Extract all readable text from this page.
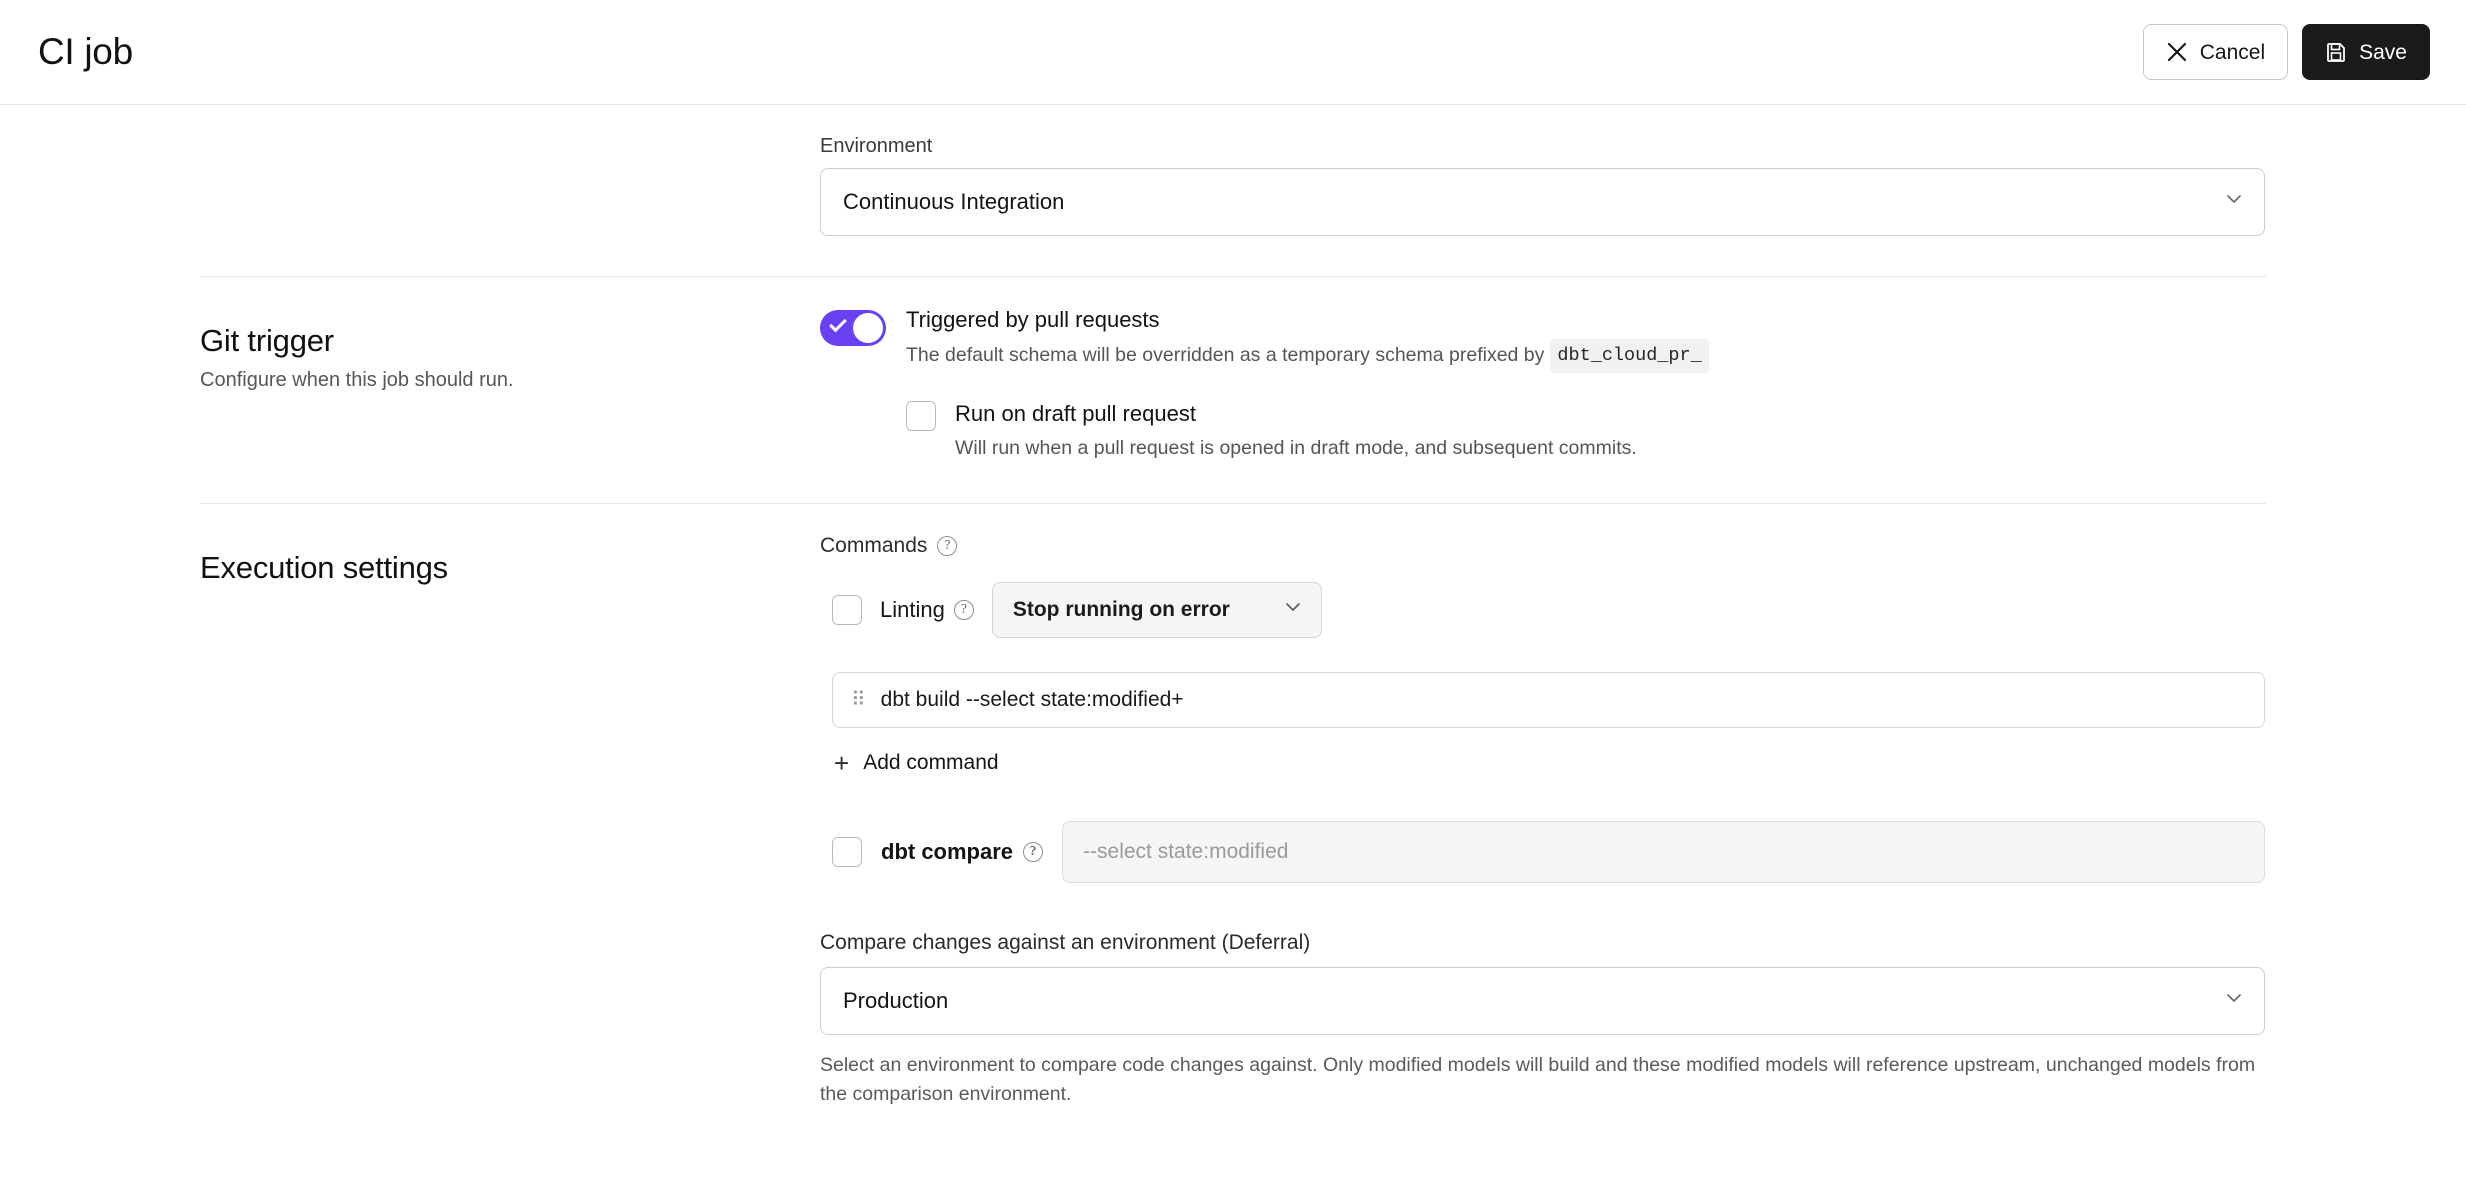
CI job	Cancel	Save
Environment
Continuous Integration
Git trigger

Configure when this job should run.

Triggered by pull requests

The default schema will be overridden as a temporary schema prefixed by dbt_cloud_pr_

Run on draft pull request

Will run when a pull request is opened in draft mode, and subsequent commits.

Execution settings
Commands	?
Linting	?	Stop running on error
⠿ dbt build --select state:modified+
+ Add command
dbt compare	?	--select state:modified
Compare changes against an environment (Deferral)
Production

Select an environment to compare code changes against. Only modified models will build and these modified models will reference upstream, unchanged models from the comparison environment.
